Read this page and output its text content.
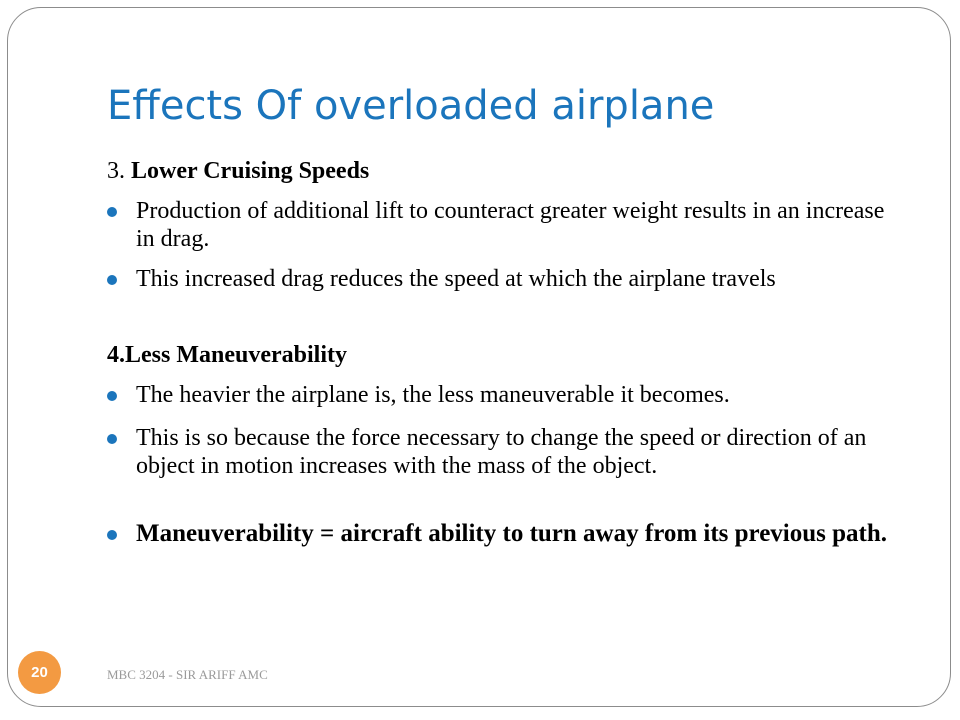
Effects Of overloaded airplane
3. Lower Cruising Speeds
Production of additional lift to counteract greater weight results in an increase in drag.
This increased drag reduces the speed at which the airplane travels
4.Less Maneuverability
The heavier the airplane is, the less maneuverable it becomes.
This is so because the force necessary to change the speed or direction of an object in motion increases with the mass of the object.
Maneuverability = aircraft ability to turn away from its previous path.
20	MBC 3204 - SIR ARIFF AMC
